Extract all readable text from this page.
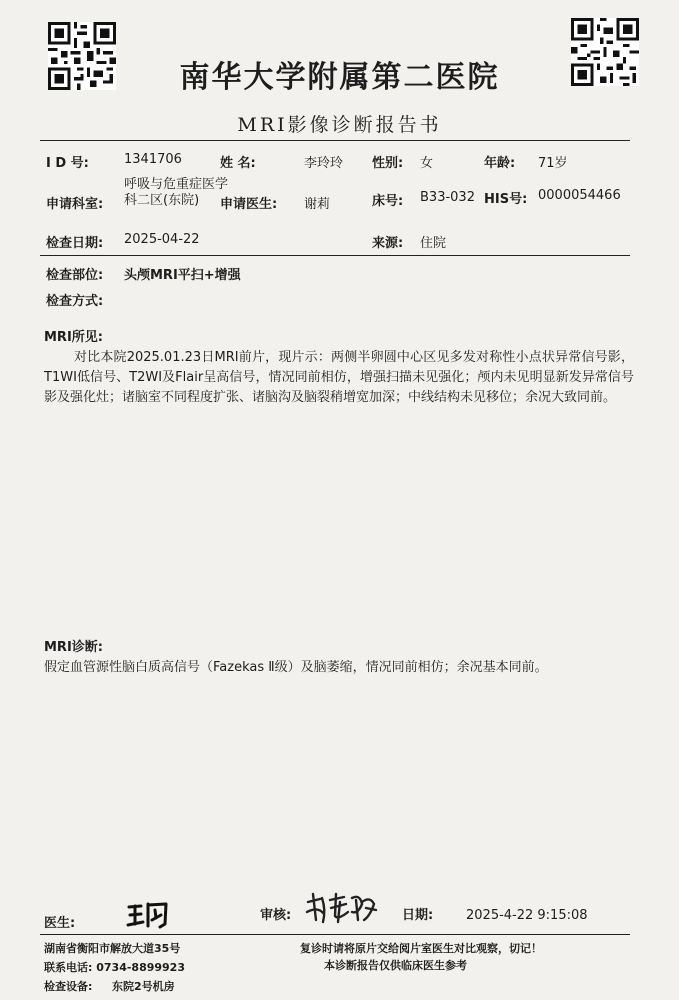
南华大学附属第二医院
MRI影像诊断报告书
I D 号:	1341706	姓 名:	李玲玲 性别: 女	年龄: 71岁
申请科室:
呼吸与危重症医学科二区(东院)	申请医生: 谢莉	床号: B33-032 HIS号: 0000054466
检查日期: 2025-04-22	来源: 住院
检查部位: 头颅MRI平扫+增强
检查方式:
MRI所见:
对比本院2025.01.23日MRI前片，现片示：两侧半卵圆中心区见多发对称性小点状异常信号影，T1WI低信号、T2WI及Flair呈高信号，情况同前相仿，增强扫描未见强化；颅内未见明显新发异常信号影及强化灶；诸脑室不同程度扩张、诸脑沟及脑裂稍增宽加深；中线结构未见移位；余况大致同前。
MRI诊断:
假定血管源性脑白质高信号（Fazekas Ⅱ级）及脑萎缩，情况同前相仿；余况基本同前。
医生:
审核:	日期:	2025-4-22 9:15:08
湖南省衡阳市解放大道35号
联系电话: 0734-8899923
检查设备: 东院2号机房
复诊时请将原片交给阅片室医生对比观察，切记！
本诊断报告仅供临床医生参考
